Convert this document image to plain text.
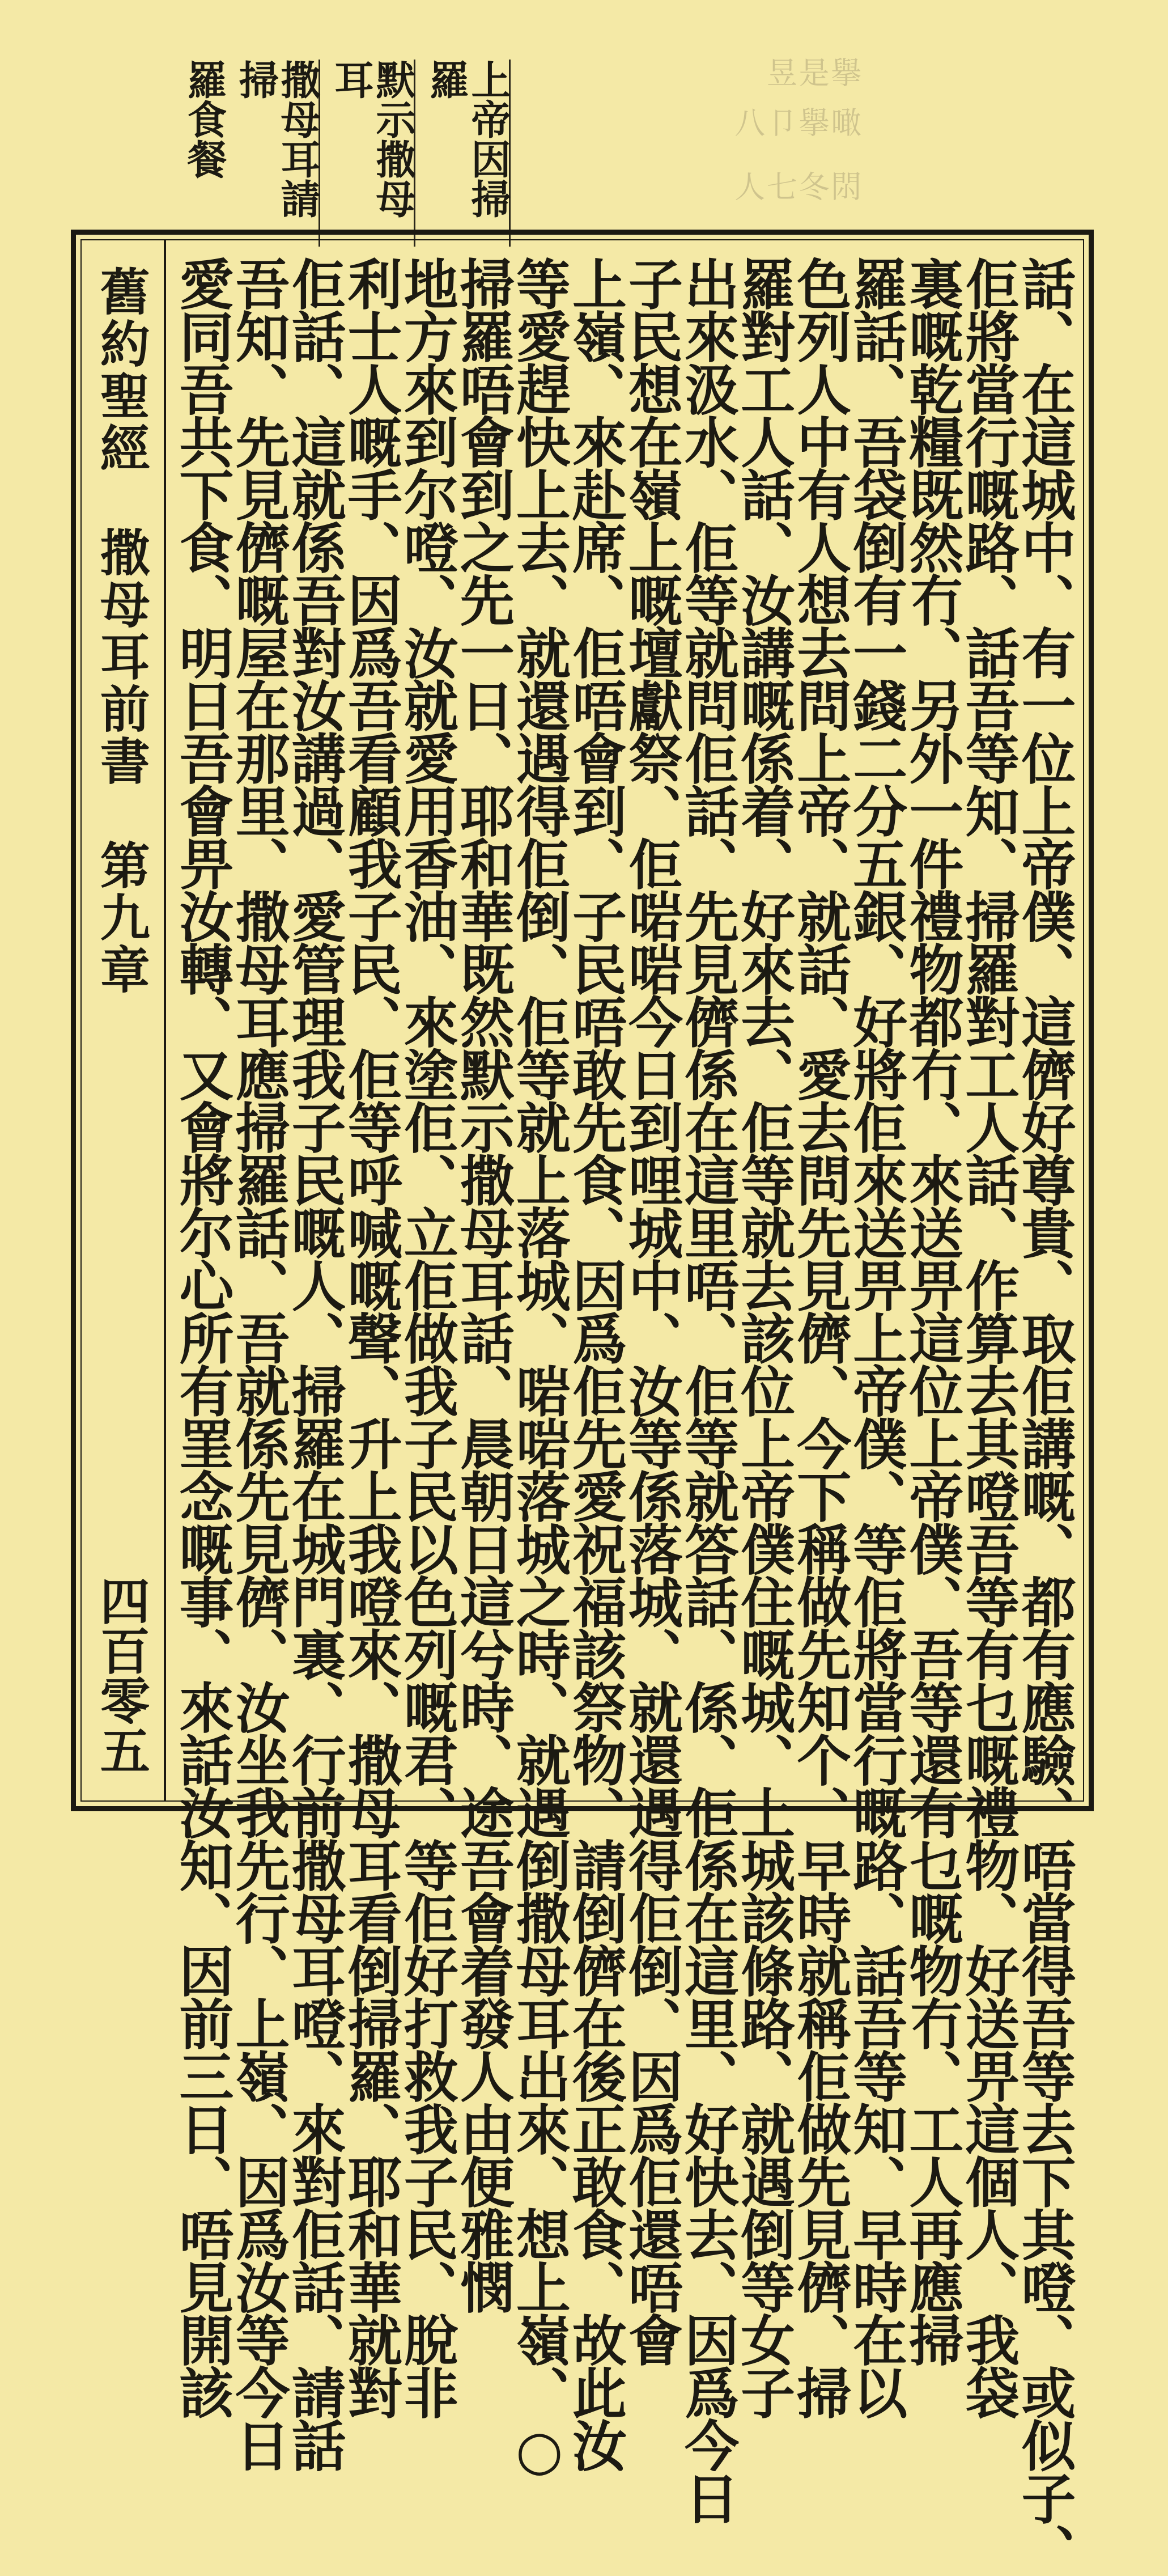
𨳒冬七人
噉擧卩八
擧是昱
上帝因掃羅
默示撒母耳
撒母耳請掃
羅食餐
舊約聖經　撒母耳前書　第九章
四百零五	話、在這城中、有一位上帝僕、這儕好尊貴、取佢講嘅、都有應驗、唔當得吾等去下其噔、或似子、
佢將當行嘅路、話吾等知、掃羅對工人話、作算去其噔吾等有乜嘅禮物、好送畀這個人、我袋
裏嘅乾糧既然冇、另外一件禮物都冇、來送畀這位上帝僕、吾等還有乜嘅物冇、工人再應掃
羅話、吾袋倒有一錢二分五銀、好將佢來送畀上帝僕、等佢將當行嘅路、話吾等知、早時在以
色列人中有人想去問上帝、就話、愛去問先見儕、今下稱做先知个、早時就稱佢做先見儕、掃
羅對工人話、汝講嘅係着、好來去、佢等就去該位上帝僕住嘅城、上城該條路、就遇倒等女子
出來汲水、佢等就問佢話、先見儕係在這里唔、佢等就答話、係、佢係在這里、好快去、因爲今日
子民想在嶺上嘅壇獻祭、佢啱啱今日到哩城中、汝等係落城、就還遇得佢倒、因爲佢還唔會
上嶺、來赴席、佢唔會到、子民唔敢先食、因爲佢先愛祝福該祭物、請倒儕在後正敢食、故此汝
等愛趕快上去、就還遇得佢倒、佢等就上落城、啱啱落城之時、就遇倒撒母耳出來、想上嶺、○
掃羅唔會到之先一日、耶和華既然默示撒母耳話、晨朝日這兮時、途吾會着發人由便雅憫
地方來到尔噔、汝就愛用香油、來塗佢、立佢做我子民以色列嘅君、等佢好打救我子民、脫非
利士人嘅手、因爲吾看顧我子民、佢等呼喊嘅聲、升上我噔來、撒母耳看倒掃羅、耶和華就對
佢話、這就係吾對汝講過、愛管理我子民嘅人、掃羅在城門裏、行前撒母耳噔、來對佢話、請話
吾知、先見儕嘅屋在那里、撒母耳應掃羅話、吾就係先見儕、汝坐我先行、上嶺、因爲汝等今日
愛同吾共下食、明日吾會畀汝轉、又會將尔心所有罣念嘅事、來話汝知、因前三日、唔見開該
